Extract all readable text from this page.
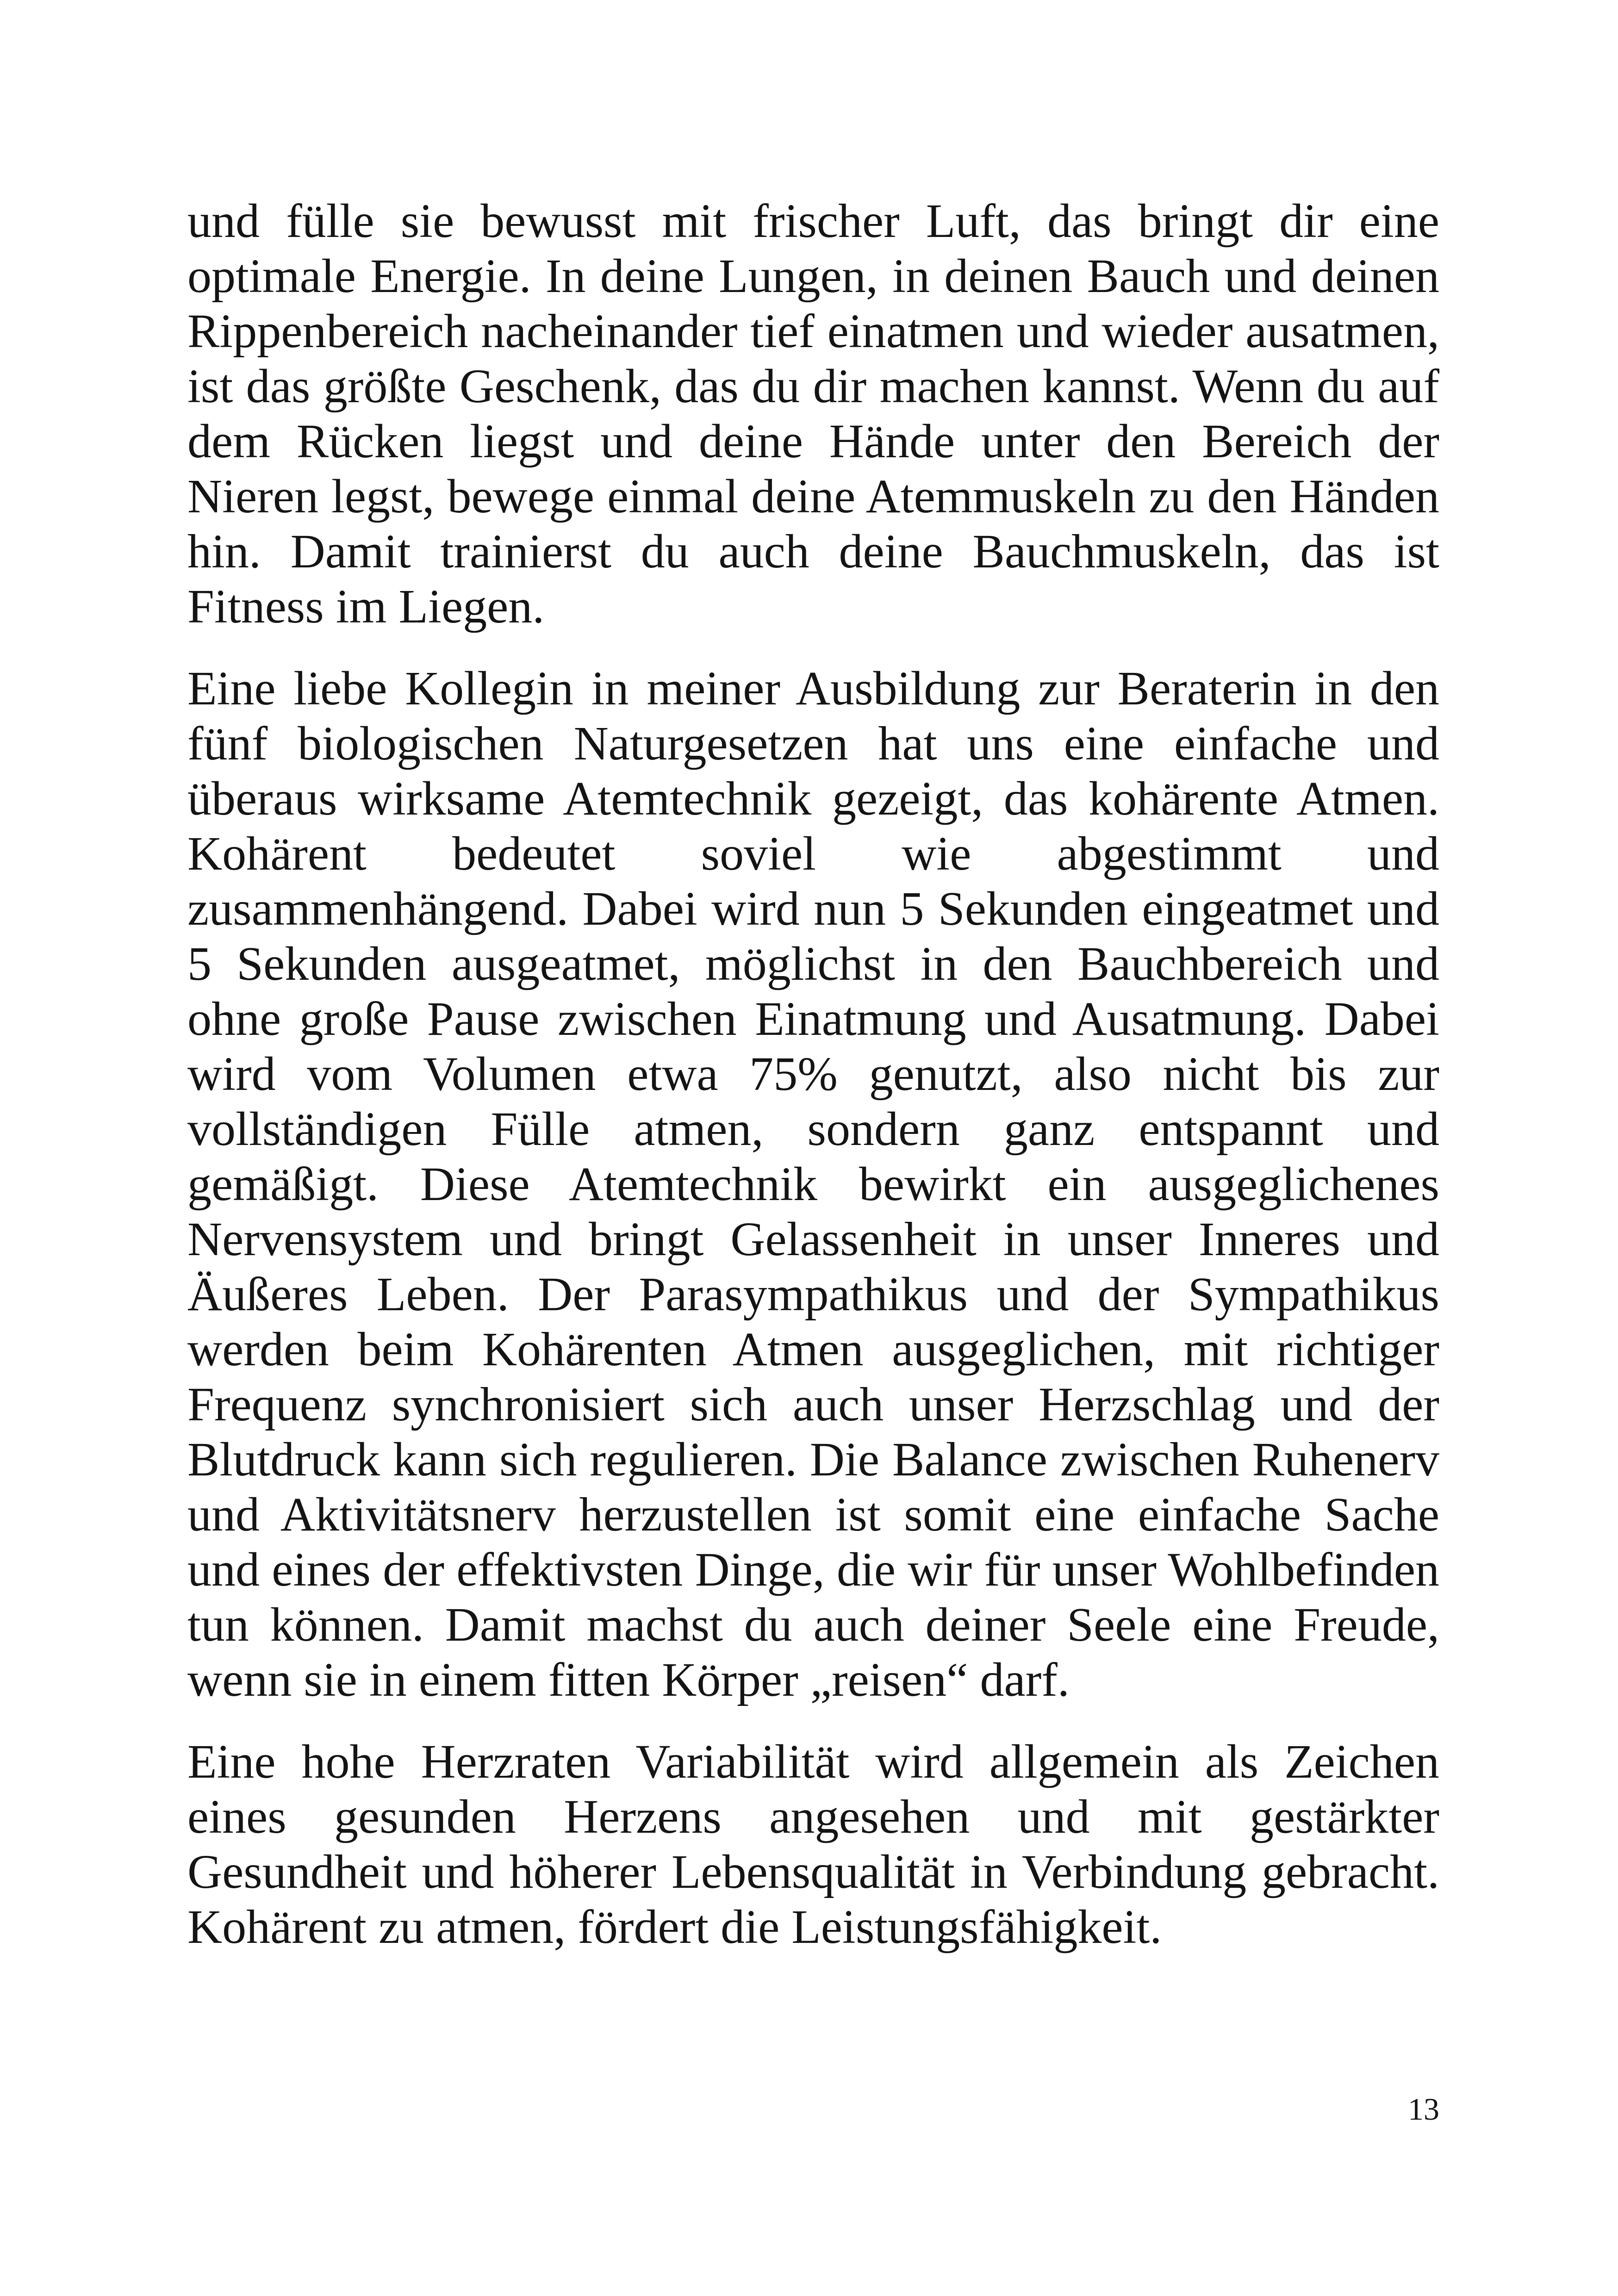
und fülle sie bewusst mit frischer Luft, das bringt dir eine optimale Energie. In deine Lungen, in deinen Bauch und deinen Rippenbereich nacheinander tief einatmen und wieder ausatmen, ist das größte Geschenk, das du dir machen kannst. Wenn du auf dem Rücken liegst und deine Hände unter den Bereich der Nieren legst, bewege einmal deine Atemmuskeln zu den Händen hin. Damit trainierst du auch deine Bauchmuskeln, das ist Fitness im Liegen.

Eine liebe Kollegin in meiner Ausbildung zur Beraterin in den fünf biologischen Naturgesetzen hat uns eine einfache und überaus wirksame Atemtechnik gezeigt, das kohärente Atmen. Kohärent bedeutet soviel wie abgestimmt und zusammenhängend. Dabei wird nun 5 Sekunden eingeatmet und 5 Sekunden ausgeatmet, möglichst in den Bauchbereich und ohne große Pause zwischen Einatmung und Ausatmung. Dabei wird vom Volumen etwa 75% genutzt, also nicht bis zur vollständigen Fülle atmen, sondern ganz entspannt und gemäßigt. Diese Atemtechnik bewirkt ein ausgeglichenes Nervensystem und bringt Gelassenheit in unser Inneres und Äußeres Leben. Der Parasympathikus und der Sympathikus werden beim Kohärenten Atmen ausgeglichen, mit richtiger Frequenz synchronisiert sich auch unser Herzschlag und der Blutdruck kann sich regulieren. Die Balance zwischen Ruhenerv und Aktivitätsnerv herzustellen ist somit eine einfache Sache und eines der effektivsten Dinge, die wir für unser Wohlbefinden tun können. Damit machst du auch deiner Seele eine Freude, wenn sie in einem fitten Körper „reisen“ darf.

Eine hohe Herzraten Variabilität wird allgemein als Zeichen eines gesunden Herzens angesehen und mit gestärkter Gesundheit und höherer Lebensqualität in Verbindung gebracht. Kohärent zu atmen, fördert die Leistungsfähigkeit.

13
